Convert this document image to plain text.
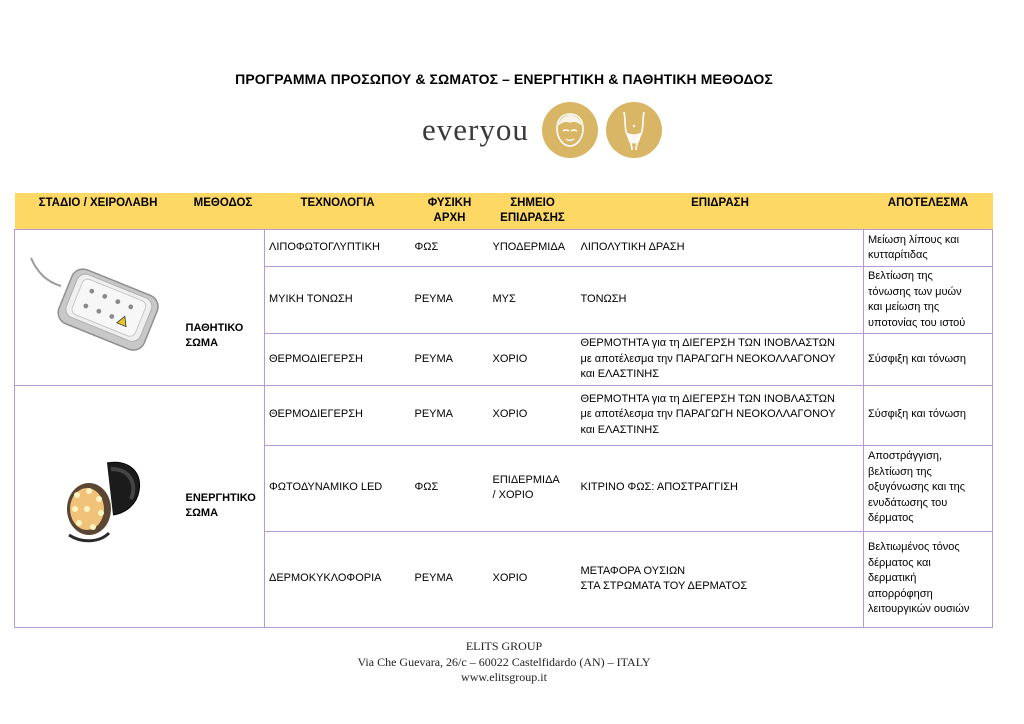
ΠΡΟΓΡΑΜΜΑ ΠΡΟΣΩΠΟΥ & ΣΩΜΑΤΟΣ – ΕΝΕΡΓΗΤΙΚΗ & ΠΑΘΗΤΙΚΗ ΜΕΘΟΔΟΣ
everyou
ΣΤΑΔΙΟ / ΧΕΙΡΟΛΑΒΗ	ΜΕΘΟΔΟΣ	ΤΕΧΝΟΛΟΓΙΑ	ΦΥΣΙΚΗ
ΑΡΧΗ	ΣΗΜΕΙΟ
ΕΠΙΔΡΑΣΗΣ	ΕΠΙΔΡΑΣΗ	ΑΠΟΤΕΛΕΣΜΑ

	ΠΑΘΗΤΙΚΟ
ΣΩΜΑ	ΛΙΠΟΦΩΤΟΓΛΥΠΤΙΚΗ	ΦΩΣ	ΥΠΟΔΕΡΜΙΔΑ	ΛΙΠΟΛΥΤΙΚΗ ΔΡΑΣΗ	Μείωση λίπους και
κυτταρίτιδας
		ΜΥΙΚΗ ΤΟΝΩΣΗ	ΡΕΥΜΑ	ΜΥΣ	ΤΟΝΩΣΗ	Βελτίωση της
τόνωσης των μυών
και μείωση της
υποτονίας του ιστού
		ΘΕΡΜΟΔΙΕΓΕΡΣΗ	ΡΕΥΜΑ	ΧΟΡΙΟ	ΘΕΡΜΟΤΗΤΑ για τη ΔΙΕΓΕΡΣΗ ΤΩΝ ΙΝΟΒΛΑΣΤΩΝ
με αποτέλεσμα την ΠΑΡΑΓΩΓΗ ΝΕΟΚΟΛΛΑΓΟΝΟΥ
και ΕΛΑΣΤΙΝΗΣ	Σύσφιξη και τόνωση

	ΕΝΕΡΓΗΤΙΚΟ
ΣΩΜΑ	ΘΕΡΜΟΔΙΕΓΕΡΣΗ	ΡΕΥΜΑ	ΧΟΡΙΟ	ΘΕΡΜΟΤΗΤΑ για τη ΔΙΕΓΕΡΣΗ ΤΩΝ ΙΝΟΒΛΑΣΤΩΝ
με αποτέλεσμα την ΠΑΡΑΓΩΓΗ ΝΕΟΚΟΛΛΑΓΟΝΟΥ
και ΕΛΑΣΤΙΝΗΣ	Σύσφιξη και τόνωση
		ΦΩΤΟΔΥΝΑΜΙΚΟ LED	ΦΩΣ	ΕΠΙΔΕΡΜΙΔΑ
/ ΧΟΡΙΟ	ΚΙΤΡΙΝΟ ΦΩΣ: ΑΠΟΣΤΡΑΓΓΙΣΗ	Αποστράγγιση,
βελτίωση της
οξυγόνωσης και της
ενυδάτωσης του
δέρματος
		ΔΕΡΜΟΚΥΚΛΟΦΟΡΙΑ	ΡΕΥΜΑ	ΧΟΡΙΟ	ΜΕΤΑΦΟΡΑ ΟΥΣΙΩΝ
ΣΤΑ ΣΤΡΩΜΑΤΑ ΤΟΥ ΔΕΡΜΑΤΟΣ	Βελτιωμένος τόνος
δέρματος και
δερματική
απορρόφηση
λειτουργικών ουσιών
ELITS GROUP
Via Che Guevara, 26/c – 60022 Castelfidardo (AN) – ITALY
www.elitsgroup.it
